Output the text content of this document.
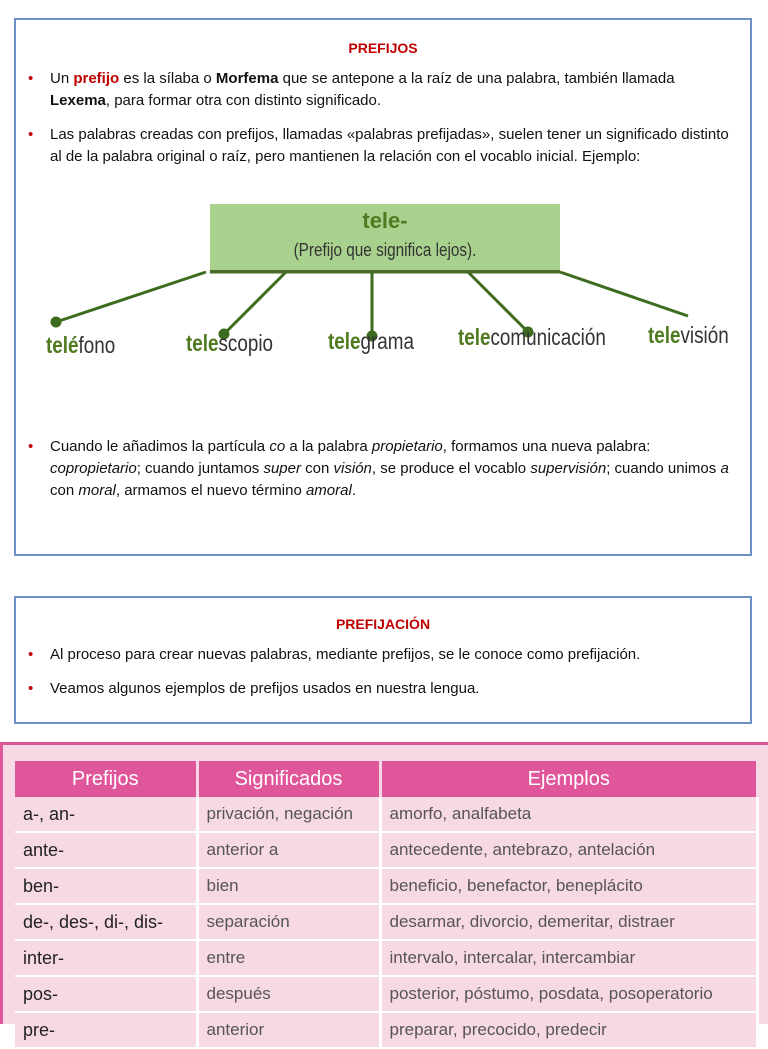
PREFIJOS
• Un prefijo es la sílaba o Morfema que se antepone a la raíz de una palabra, también llamada Lexema, para formar otra con distinto significado.
• Las palabras creadas con prefijos, llamadas «palabras prefijadas», suelen tener un significado distinto al de la palabra original o raíz, pero mantienen la relación con el vocablo inicial. Ejemplo:
tele-
(Prefijo que significa lejos).
teléfono	telescopio telegrama telecomunicación televisión
• Cuando le añadimos la partícula co a la palabra propietario, formamos una nueva palabra: copropietario; cuando juntamos super con visión, se produce el vocablo supervisión; cuando unimos a con moral, armamos el nuevo término amoral.
PREFIJACIÓN
• Al proceso para crear nuevas palabras, mediante prefijos, se le conoce como prefijación.
• Veamos algunos ejemplos de prefijos usados en nuestra lengua.
Prefijos	Significados	Ejemplos
a-, an-	privación, negación	amorfo, analfabeta
ante-	anterior a	antecedente, antebrazo, antelación
ben-	bien	beneficio, benefactor, beneplácito
de-, des-, di-, dis-	separación	desarmar, divorcio, demeritar, distraer
inter-	entre	intervalo, intercalar, intercambiar
pos-	después	posterior, póstumo, posdata, posoperatorio
pre-	anterior	preparar, precocido, predecir
